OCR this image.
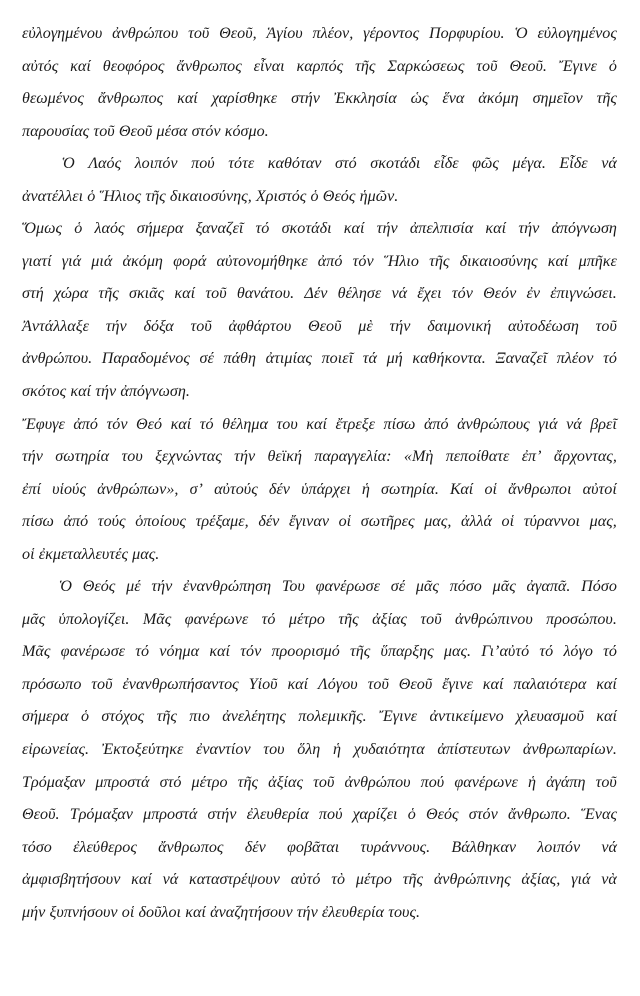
εὐλογημένου ἀνθρώπου τοῦ Θεοῦ, Ἁγίου πλέον, γέροντος Πορφυρίου. Ὁ εὐλογημένος
αὐτός καί θεοφόρος ἄνθρωπος εἶναι καρπός τῆς Σαρκώσεως τοῦ Θεοῦ. Ἔγινε ὁ
θεωμένος ἄνθρωπος καί χαρίσθηκε στήν Ἐκκλησία ὡς ἕνα ἀκόμη σημεῖον τῆς
παρουσίας τοῦ Θεοῦ μέσα στόν κόσμο.
Ὁ Λαός λοιπόν πού τότε καθόταν στό σκοτάδι εἶδε φῶς μέγα. Εἶδε νά
ἀνατέλλει ὁ Ἥλιος τῆς δικαιοσύνης, Χριστός ὁ Θεός ἡμῶν.
Ὅμως ὁ λαός σήμερα ξαναζεῖ τό σκοτάδι καί τήν ἀπελπισία καί τήν ἀπόγνωση
γιατί γιά μιά ἀκόμη φορά αὐτονομήθηκε ἀπό τόν Ἥλιο τῆς δικαιοσύνης καί μπῆκε
στή χώρα τῆς σκιᾶς καί τοῦ θανάτου. Δέν θέλησε νά ἔχει τόν Θεόν ἐν ἐπιγνώσει.
Ἀντάλλαξε τήν δόξα τοῦ ἀφθάρτου Θεοῦ μὲ τήν δαιμονική αὐτοδέωση τοῦ
ἀνθρώπου. Παραδομένος σέ πάθη ἀτιμίας ποιεῖ τά μή καθήκοντα. Ξαναζεῖ πλέον τό
σκότος καί τήν ἀπόγνωση.
Ἔφυγε ἀπό τόν Θεό καί τό θέλημα του καί ἔτρεξε πίσω ἀπό ἀνθρώπους γιά νά βρεῖ
τήν σωτηρία του ξεχνώντας τήν θεϊκή παραγγελία: «Μὴ πεποίθατε ἐπ’ ἄρχοντας,
ἐπί υἱούς ἀνθρώπων», σ’ αὐτούς δέν ὑπάρχει ἡ σωτηρία. Καί οἱ ἄνθρωποι αὐτοί
πίσω ἀπό τούς ὁποίους τρέξαμε, δέν ἔγιναν οἱ σωτῆρες μας, ἀλλά οἱ τύραννοι μας,
οἱ ἐκμεταλλευτές μας.
Ὁ Θεός μέ τήν ἐνανθρώπηση Του φανέρωσε σέ μᾶς πόσο μᾶς ἀγαπᾶ. Πόσο
μᾶς ὑπολογίζει. Μᾶς φανέρωνε τό μέτρο τῆς ἀξίας τοῦ ἀνθρώπινου προσώπου.
Μᾶς φανέρωσε τό νόημα καί τόν προορισμό τῆς ὕπαρξης μας. Γι’αὐτό τό λόγο τό
πρόσωπο τοῦ ἐνανθρωπήσαντος Υἱοῦ καί Λόγου τοῦ Θεοῦ ἔγινε καί παλαιότερα καί
σήμερα ὁ στόχος τῆς πιο ἀνελέητης πολεμικῆς. Ἔγινε ἀντικείμενο χλευασμοῦ καί
εἰρωνείας. Ἐκτοξεύτηκε ἐναντίον του ὅλη ἡ χυδαιότητα ἀπίστευτων ἀνθρωπαρίων.
Τρόμαξαν μπροστά στό μέτρο τῆς ἀξίας τοῦ ἀνθρώπου πού φανέρωνε ἡ ἀγάπη τοῦ
Θεοῦ. Τρόμαξαν μπροστά στήν ἐλευθερία πού χαρίζει ὁ Θεός στόν ἄνθρωπο. Ἕνας
τόσο ἐλεύθερος ἄνθρωπος δέν φοβᾶται τυράννους. Βάλθηκαν λοιπόν νά
ἀμφισβητήσουν καί νά καταστρέψουν αὐτό τὸ μέτρο τῆς ἀνθρώπινης ἀξίας, γιά νὰ
μήν ξυπνήσουν οἱ δοῦλοι καί ἀναζητήσουν τήν ἐλευθερία τους.
